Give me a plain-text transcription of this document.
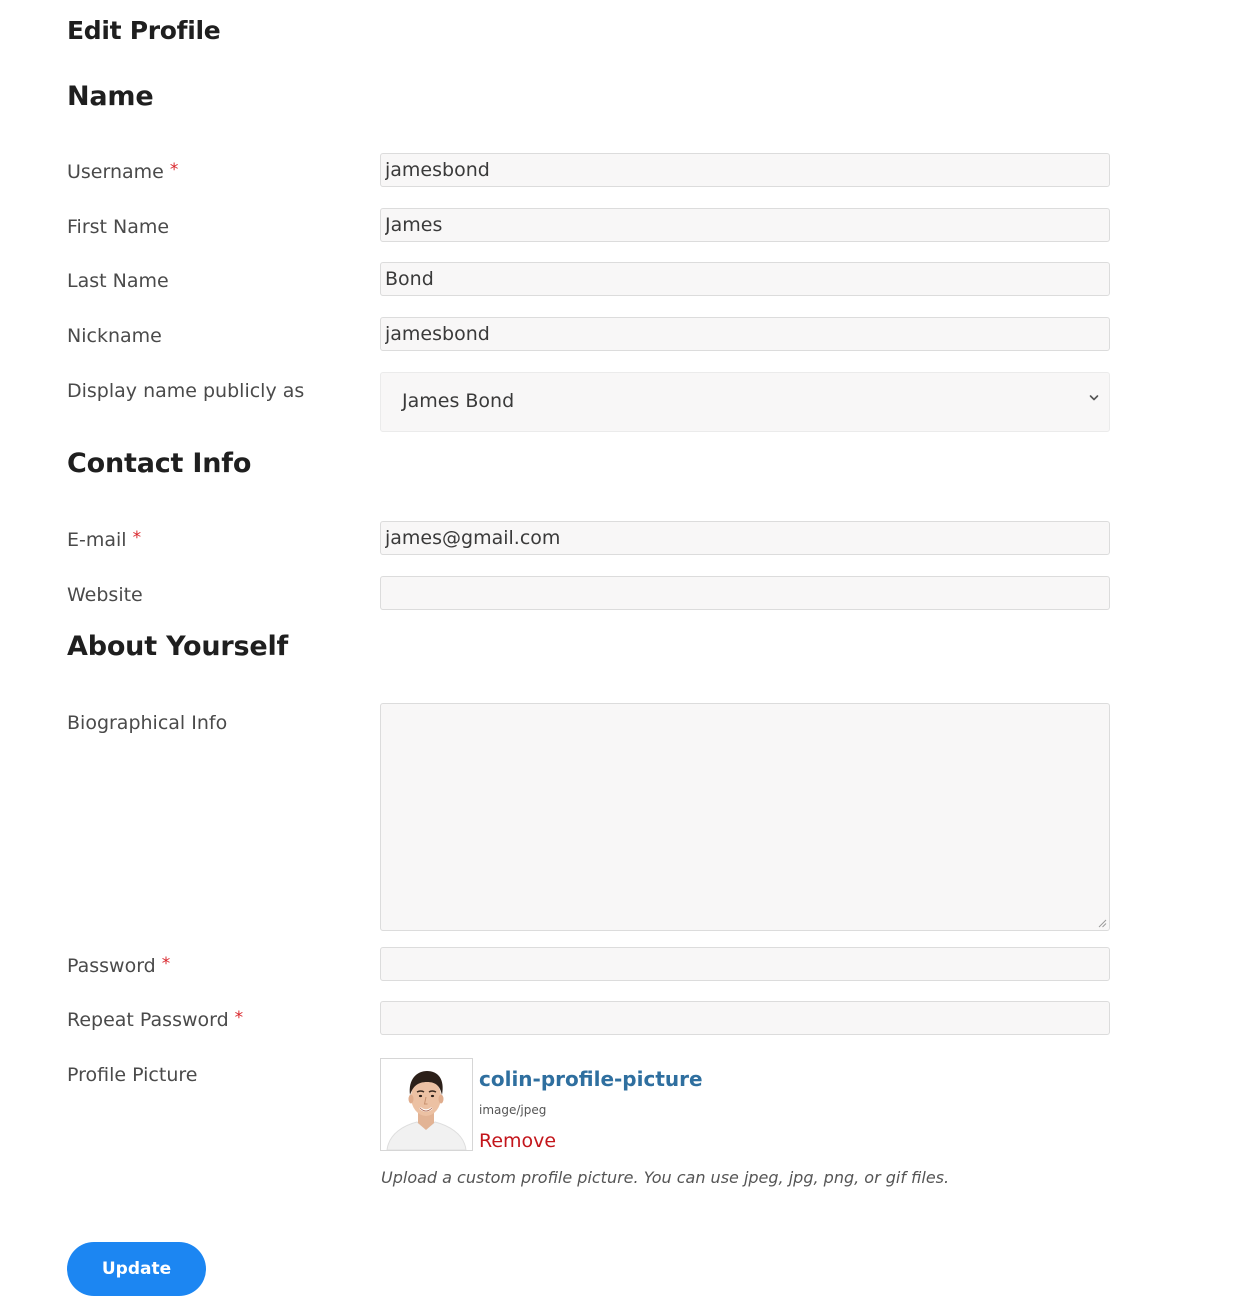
Edit Profile
Name
Username *
jamesbond
First Name
James
Last Name
Bond
Nickname
jamesbond
Display name publicly as	James Bond
Contact Info
E-mail *
james@gmail.com
Website
About Yourself
Biographical Info
Password *
Repeat Password *
Profile Picture	colin-profile-picture
image/jpeg
Remove
Upload a custom profile picture. You can use jpeg, jpg, png, or gif files.
Update
